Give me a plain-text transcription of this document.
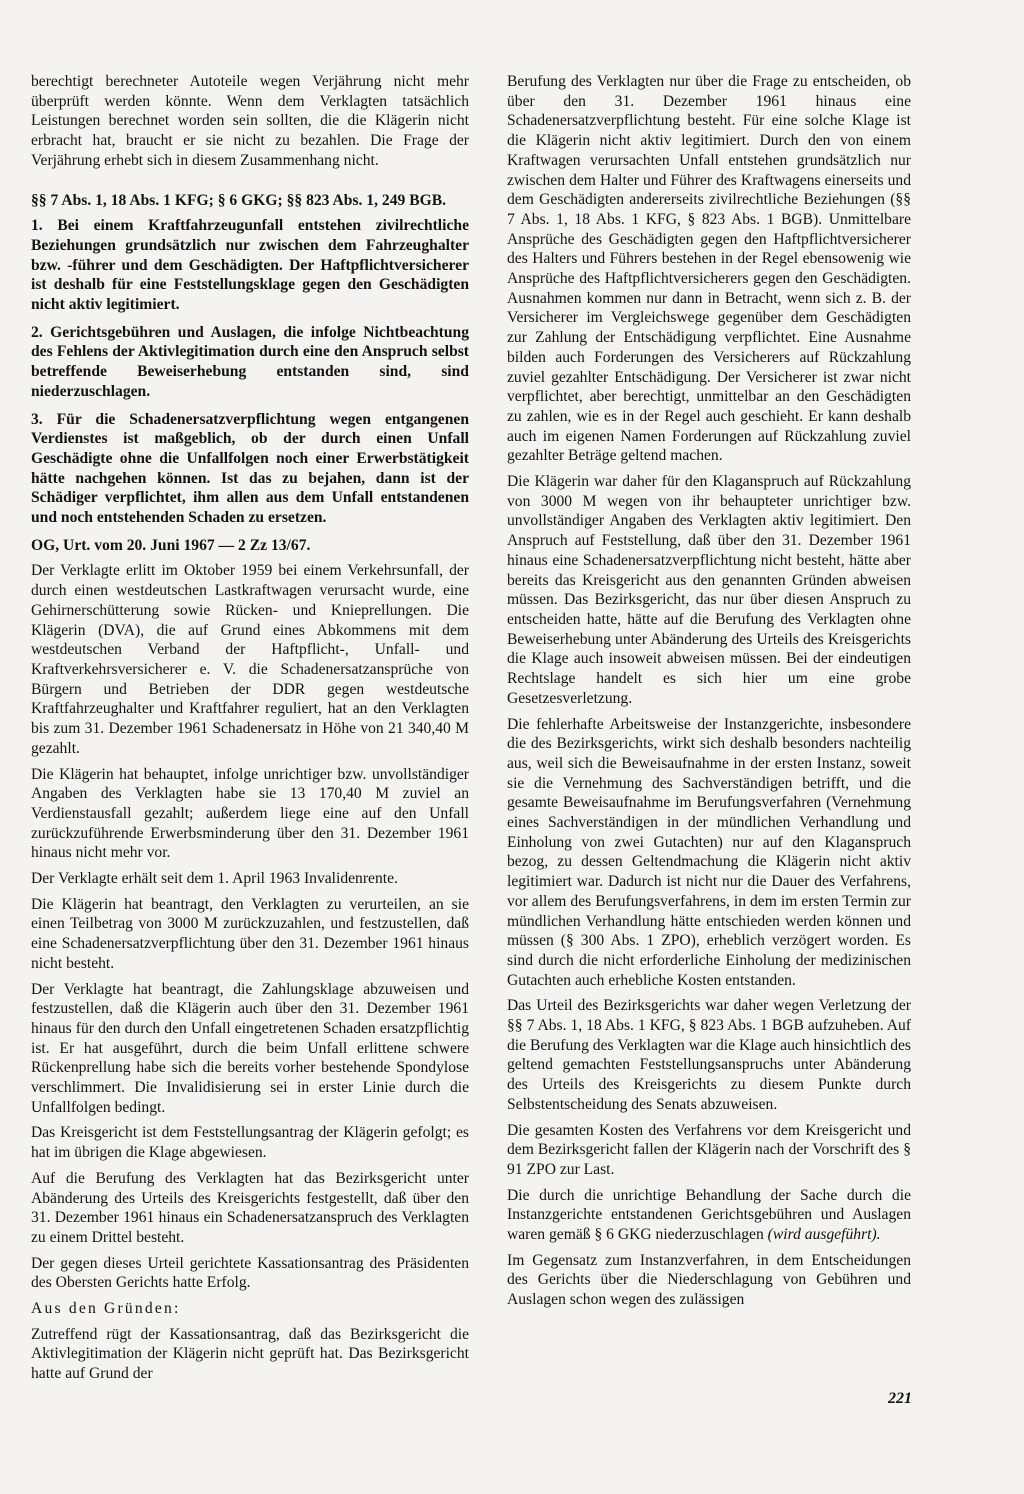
berechtigt berechneter Autoteile wegen Verjährung nicht mehr überprüft werden könnte. Wenn dem Verklagten tatsächlich Leistungen berechnet worden sein sollten, die die Klägerin nicht erbracht hat, braucht er sie nicht zu bezahlen. Die Frage der Verjährung erhebt sich in diesem Zusammenhang nicht.

§§ 7 Abs. 1, 18 Abs. 1 KFG; § 6 GKG; §§ 823 Abs. 1, 249 BGB.

1. Bei einem Kraftfahrzeugunfall entstehen zivilrechtliche Beziehungen grundsätzlich nur zwischen dem Fahrzeughalter bzw. -führer und dem Geschädigten. Der Haftpflichtversicherer ist deshalb für eine Feststellungsklage gegen den Geschädigten nicht aktiv legitimiert.

2. Gerichtsgebühren und Auslagen, die infolge Nichtbeachtung des Fehlens der Aktivlegitimation durch eine den Anspruch selbst betreffende Beweiserhebung entstanden sind, sind niederzuschlagen.

3. Für die Schadenersatzverpflichtung wegen entgangenen Verdienstes ist maßgeblich, ob der durch einen Unfall Geschädigte ohne die Unfallfolgen noch einer Erwerbstätigkeit hätte nachgehen können. Ist das zu bejahen, dann ist der Schädiger verpflichtet, ihm allen aus dem Unfall entstandenen und noch entstehenden Schaden zu ersetzen.

OG, Urt. vom 20. Juni 1967 — 2 Zz 13/67.

Der Verklagte erlitt im Oktober 1959 bei einem Verkehrsunfall, der durch einen westdeutschen Lastkraftwagen verursacht wurde, eine Gehirnerschütterung sowie Rücken- und Knieprellungen. Die Klägerin (DVA), die auf Grund eines Abkommens mit dem westdeutschen Verband der Haftpflicht-, Unfall- und Kraftverkehrsversicherer e. V. die Schadenersatzansprüche von Bürgern und Betrieben der DDR gegen westdeutsche Kraftfahrzeughalter und Kraftfahrer reguliert, hat an den Verklagten bis zum 31. Dezember 1961 Schadenersatz in Höhe von 21 340,40 M gezahlt.

Die Klägerin hat behauptet, infolge unrichtiger bzw. unvollständiger Angaben des Verklagten habe sie 13 170,40 M zuviel an Verdienstausfall gezahlt; außerdem liege eine auf den Unfall zurückzuführende Erwerbsminderung über den 31. Dezember 1961 hinaus nicht mehr vor.

Der Verklagte erhält seit dem 1. April 1963 Invalidenrente.

Die Klägerin hat beantragt, den Verklagten zu verurteilen, an sie einen Teilbetrag von 3000 M zurückzuzahlen, und festzustellen, daß eine Schadenersatzverpflichtung über den 31. Dezember 1961 hinaus nicht besteht.

Der Verklagte hat beantragt, die Zahlungsklage abzuweisen und festzustellen, daß die Klägerin auch über den 31. Dezember 1961 hinaus für den durch den Unfall eingetretenen Schaden ersatzpflichtig ist. Er hat ausgeführt, durch die beim Unfall erlittene schwere Rückenprellung habe sich die bereits vorher bestehende Spondylose verschlimmert. Die Invalidisierung sei in erster Linie durch die Unfallfolgen bedingt.

Das Kreisgericht ist dem Feststellungsantrag der Klägerin gefolgt; es hat im übrigen die Klage abgewiesen.

Auf die Berufung des Verklagten hat das Bezirksgericht unter Abänderung des Urteils des Kreisgerichts festgestellt, daß über den 31. Dezember 1961 hinaus ein Schadenersatzanspruch des Verklagten zu einem Drittel besteht.

Der gegen dieses Urteil gerichtete Kassationsantrag des Präsidenten des Obersten Gerichts hatte Erfolg.

Aus den Gründen:

Zutreffend rügt der Kassationsantrag, daß das Bezirksgericht die Aktivlegitimation der Klägerin nicht geprüft hat. Das Bezirksgericht hatte auf Grund der

Berufung des Verklagten nur über die Frage zu entscheiden, ob über den 31. Dezember 1961 hinaus eine Schadenersatzverpflichtung besteht. Für eine solche Klage ist die Klägerin nicht aktiv legitimiert. Durch den von einem Kraftwagen verursachten Unfall entstehen grundsätzlich nur zwischen dem Halter und Führer des Kraftwagens einerseits und dem Geschädigten andererseits zivilrechtliche Beziehungen (§§ 7 Abs. 1, 18 Abs. 1 KFG, § 823 Abs. 1 BGB). Unmittelbare Ansprüche des Geschädigten gegen den Haftpflichtversicherer des Halters und Führers bestehen in der Regel ebensowenig wie Ansprüche des Haftpflichtversicherers gegen den Geschädigten. Ausnahmen kommen nur dann in Betracht, wenn sich z. B. der Versicherer im Vergleichswege gegenüber dem Geschädigten zur Zahlung der Entschädigung verpflichtet. Eine Ausnahme bilden auch Forderungen des Versicherers auf Rückzahlung zuviel gezahlter Entschädigung. Der Versicherer ist zwar nicht verpflichtet, aber berechtigt, unmittelbar an den Geschädigten zu zahlen, wie es in der Regel auch geschieht. Er kann deshalb auch im eigenen Namen Forderungen auf Rückzahlung zuviel gezahlter Beträge geltend machen.

Die Klägerin war daher für den Klaganspruch auf Rückzahlung von 3000 M wegen von ihr behaupteter unrichtiger bzw. unvollständiger Angaben des Verklagten aktiv legitimiert. Den Anspruch auf Feststellung, daß über den 31. Dezember 1961 hinaus eine Schadenersatzverpflichtung nicht besteht, hätte aber bereits das Kreisgericht aus den genannten Gründen abweisen müssen. Das Bezirksgericht, das nur über diesen Anspruch zu entscheiden hatte, hätte auf die Berufung des Verklagten ohne Beweiserhebung unter Abänderung des Urteils des Kreisgerichts die Klage auch insoweit abweisen müssen. Bei der eindeutigen Rechtslage handelt es sich hier um eine grobe Gesetzesverletzung.

Die fehlerhafte Arbeitsweise der Instanzgerichte, insbesondere die des Bezirksgerichts, wirkt sich deshalb besonders nachteilig aus, weil sich die Beweisaufnahme in der ersten Instanz, soweit sie die Vernehmung des Sachverständigen betrifft, und die gesamte Beweisaufnahme im Berufungsverfahren (Vernehmung eines Sachverständigen in der mündlichen Verhandlung und Einholung von zwei Gutachten) nur auf den Klaganspruch bezog, zu dessen Geltendmachung die Klägerin nicht aktiv legitimiert war. Dadurch ist nicht nur die Dauer des Verfahrens, vor allem des Berufungsverfahrens, in dem im ersten Termin zur mündlichen Verhandlung hätte entschieden werden können und müssen (§ 300 Abs. 1 ZPO), erheblich verzögert worden. Es sind durch die nicht erforderliche Einholung der medizinischen Gutachten auch erhebliche Kosten entstanden.

Das Urteil des Bezirksgerichts war daher wegen Verletzung der §§ 7 Abs. 1, 18 Abs. 1 KFG, § 823 Abs. 1 BGB aufzuheben. Auf die Berufung des Verklagten war die Klage auch hinsichtlich des geltend gemachten Feststellungsanspruchs unter Abänderung des Urteils des Kreisgerichts zu diesem Punkte durch Selbstentscheidung des Senats abzuweisen.

Die gesamten Kosten des Verfahrens vor dem Kreisgericht und dem Bezirksgericht fallen der Klägerin nach der Vorschrift des § 91 ZPO zur Last.

Die durch die unrichtige Behandlung der Sache durch die Instanzgerichte entstandenen Gerichtsgebühren und Auslagen waren gemäß § 6 GKG niederzuschlagen (wird ausgeführt).

Im Gegensatz zum Instanzverfahren, in dem Entscheidungen des Gerichts über die Niederschlagung von Gebühren und Auslagen schon wegen des zulässigen

221
